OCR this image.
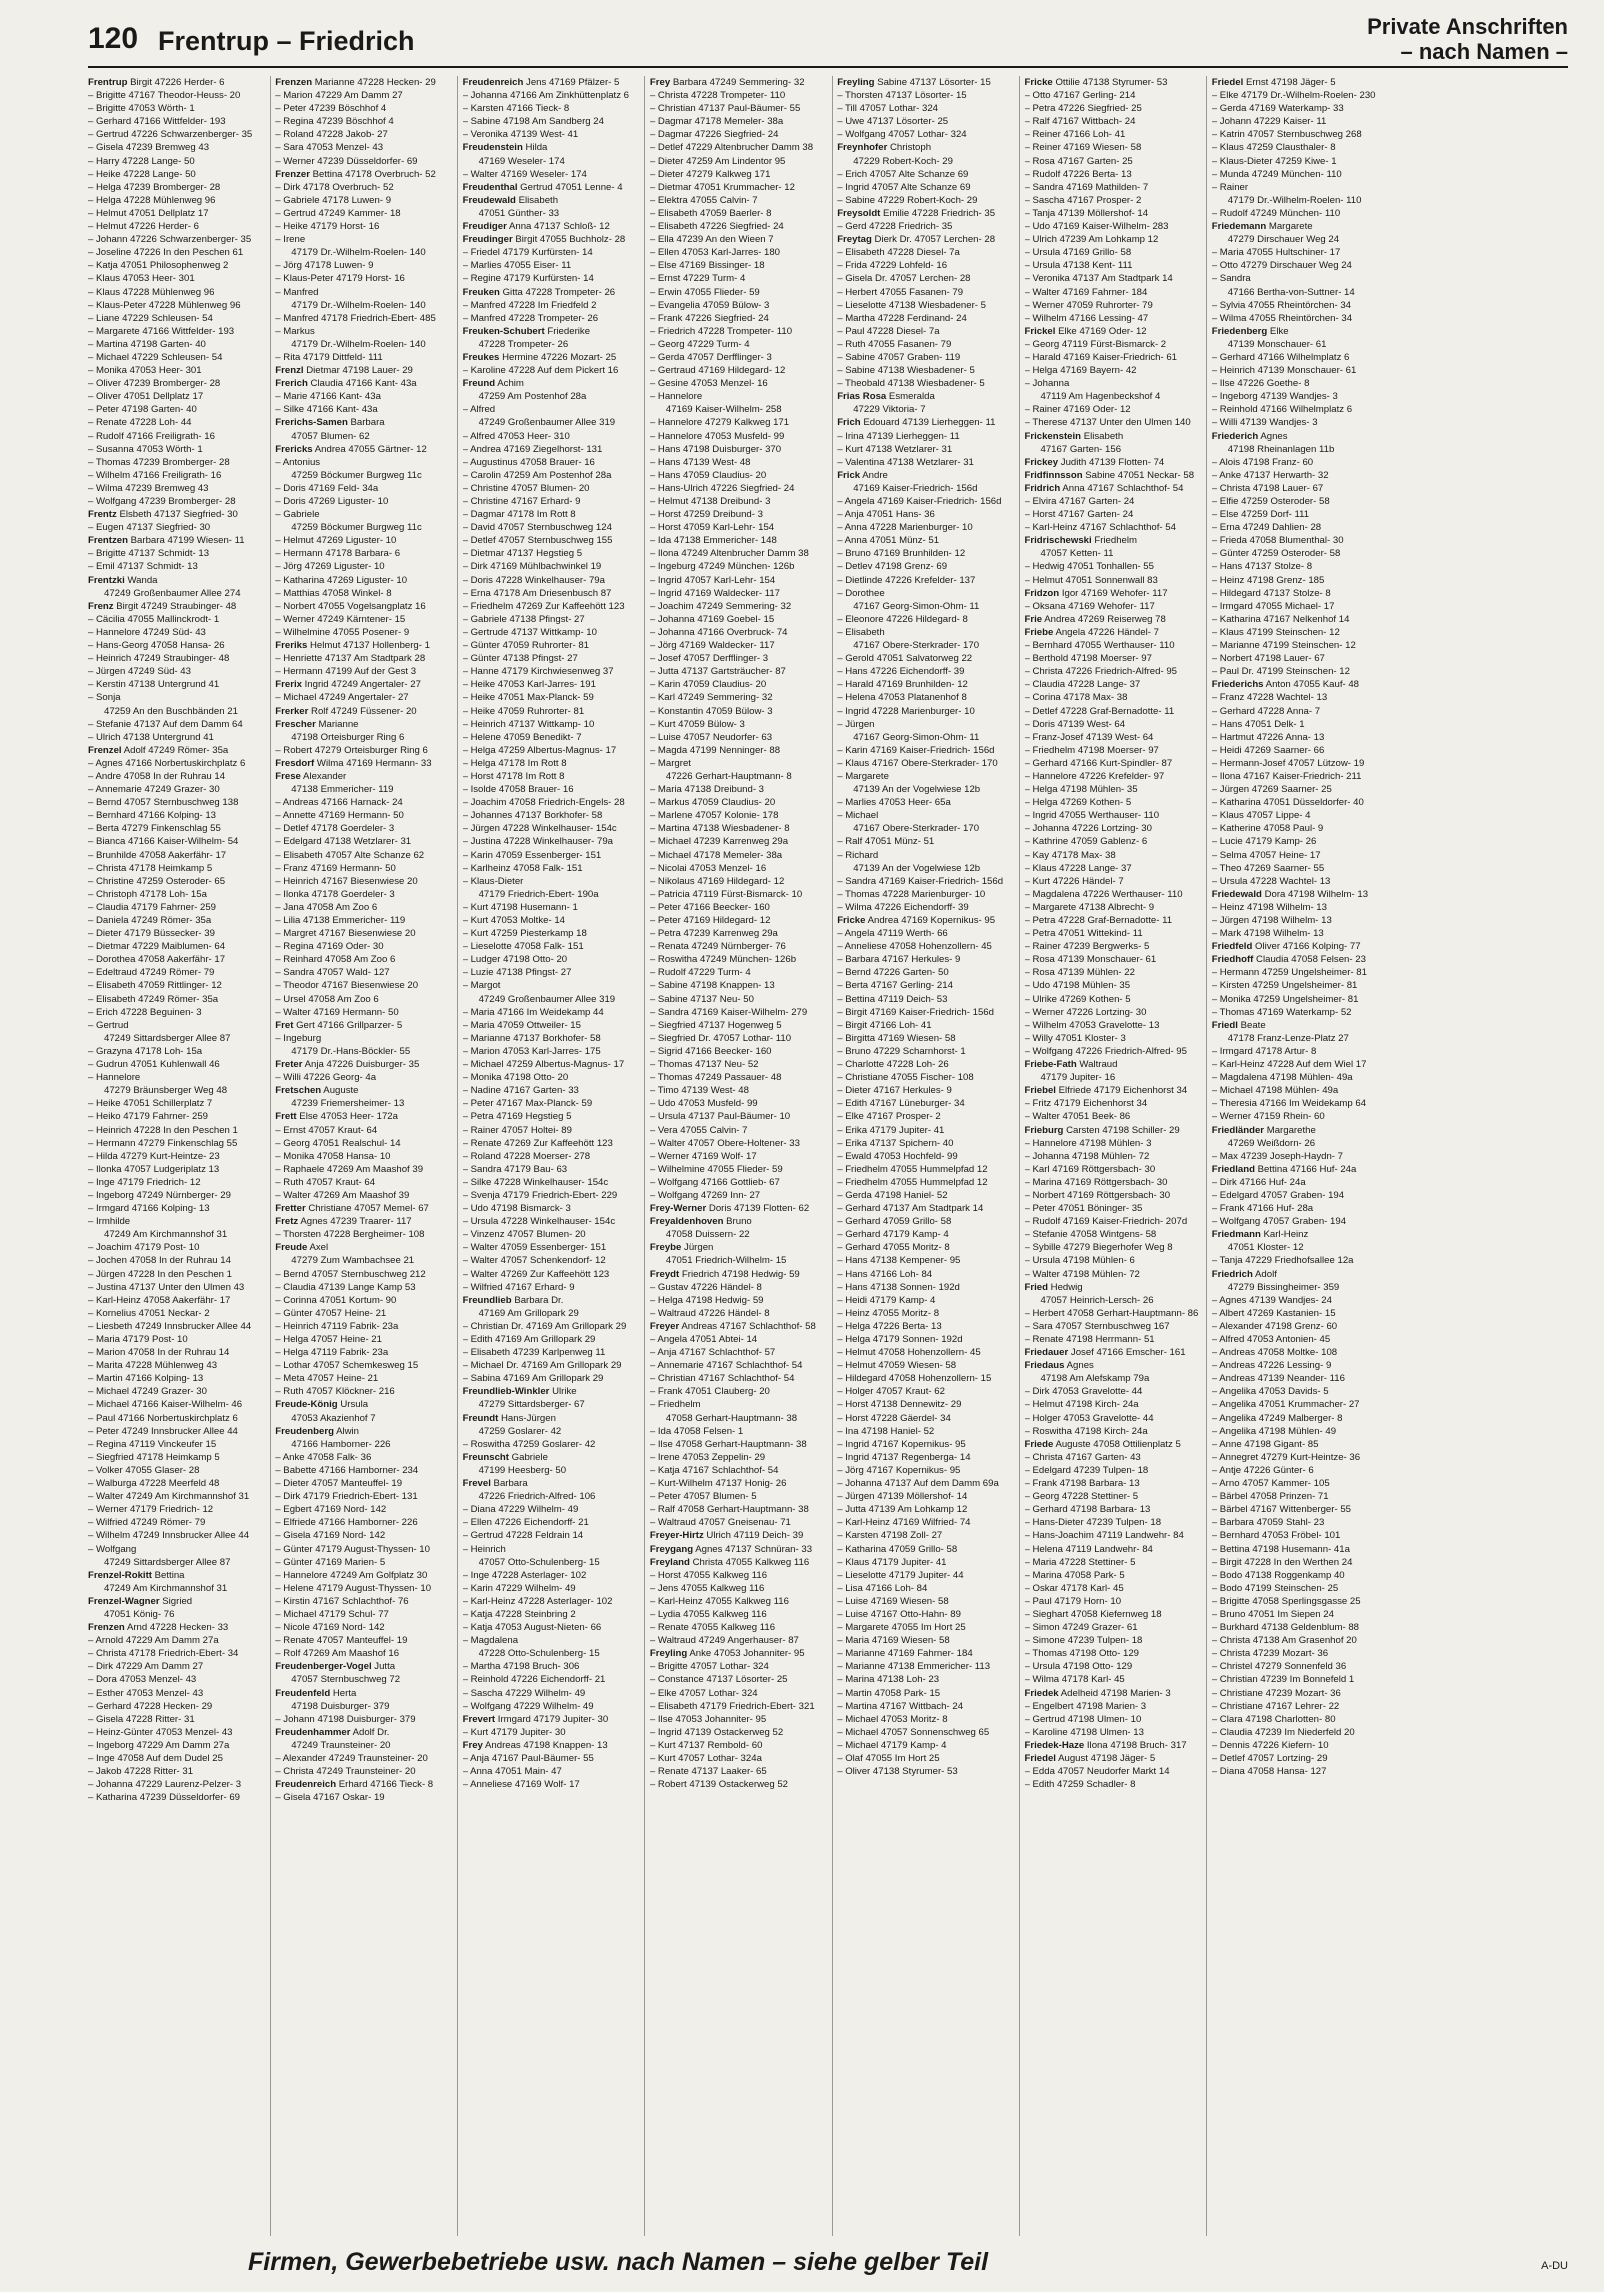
120 Frentrup – Friedrich	Private Anschriften
– nach Namen –
Frentrup Birgit 47226 Herder- 6
– Brigitte 47167 Theodor-Heuss- 20
– Brigitte 47053 Wörth- 1
– Gerhard 47166 Wittfelder- 193
– Gertrud 47226 Schwarzenberger- 35
– Gisela 47239 Bremweg 43
– Harry 47228 Lange- 50
– Heike 47228 Lange- 50
– Helga 47239 Bromberger- 28
– Helga 47228 Mühlenweg 96
– Helmut 47051 Dellplatz 17
– Helmut 47226 Herder- 6
– Johann 47226 Schwarzenberger- 35
– Joseline 47226 In den Peschen 61
– Katja 47051 Philosophenweg 2
– Klaus 47053 Heer- 301
– Klaus 47228 Mühlenweg 96
– Klaus-Peter 47228 Mühlenweg 96
– Liane 47229 Schleusen- 54
– Margarete 47166 Wittfelder- 193
– Martina 47198 Garten- 40
– Michael 47229 Schleusen- 54
– Monika 47053 Heer- 301
– Oliver 47239 Bromberger- 28
– Oliver 47051 Dellplatz 17
– Peter 47198 Garten- 40
– Renate 47228 Loh- 44
– Rudolf 47166 Freiligrath- 16
– Susanna 47053 Wörth- 1
– Thomas 47239 Bromberger- 28
– Wilhelm 47166 Freiligrath- 16
– Wilma 47239 Bremweg 43
– Wolfgang 47239 Bromberger- 28
Frentz Elsbeth 47137 Siegfried- 30
– Eugen 47137 Siegfried- 30
Frentzen Barbara 47199 Wiesen- 11
– Brigitte 47137 Schmidt- 13
– Emil 47137 Schmidt- 13
Frentzki Wanda
47249 Großenbaumer Allee 274
Frenz Birgit 47249 Straubinger- 48
– Cäcilia 47055 Mallinckrodt- 1
– Hannelore 47249 Süd- 43
– Hans-Georg 47058 Hansa- 26
– Heinrich 47249 Straubinger- 48
– Jürgen 47249 Süd- 43
– Kerstin 47138 Untergrund 41
– Sonja
47259 An den Buschbänden 21
– Stefanie 47137 Auf dem Damm 64
– Ulrich 47138 Untergrund 41
Frenzel Adolf 47249 Römer- 35a
– Agnes 47166 Norbertuskirchplatz 6
– Andre 47058 In der Ruhrau 14
– Annemarie 47249 Grazer- 30
– Bernd 47057 Sternbuschweg 138
– Bernhard 47166 Kolping- 13
– Berta 47279 Finkenschlag 55
– Bianca 47166 Kaiser-Wilhelm- 54
– Brunhilde 47058 Aakerfähr- 17
– Christa 47178 Heimkamp 5
– Christine 47259 Osteroder- 65
– Christoph 47178 Loh- 15a
– Claudia 47179 Fahrner- 259
– Daniela 47249 Römer- 35a
– Dieter 47179 Büssecker- 39
– Dietmar 47229 Maiblumen- 64
– Dorothea 47058 Aakerfähr- 17
– Edeltraud 47249 Römer- 79
– Elisabeth 47059 Rittlinger- 12
– Elisabeth 47249 Römer- 35a
– Erich 47228 Beguinen- 3
– Gertrud
47249 Sittardsberger Allee 87
– Grazyna 47178 Loh- 15a
– Gudrun 47051 Kuhlenwall 46
– Hannelore
47279 Bräunsberger Weg 48
– Heike 47051 Schillerplatz 7
– Heiko 47179 Fahrner- 259
– Heinrich 47228 In den Peschen 1
– Hermann 47279 Finkenschlag 55
– Hilda 47279 Kurt-Heintze- 23
– Ilonka 47057 Ludgeriplatz 13
– Inge 47179 Friedrich- 12
– Ingeborg 47249 Nürnberger- 29
– Irmgard 47166 Kolping- 13
– Irmhilde
47249 Am Kirchmannshof 31
– Joachim 47179 Post- 10
– Jochen 47058 In der Ruhrau 14
– Jürgen 47228 In den Peschen 1
– Justina 47137 Unter den Ulmen 43
– Karl-Heinz 47058 Aakerfähr- 17
– Kornelius 47051 Neckar- 2
– Liesbeth 47249 Innsbrucker Allee 44
– Maria 47179 Post- 10
– Marion 47058 In der Ruhrau 14
– Marita 47228 Mühlenweg 43
– Martin 47166 Kolping- 13
– Michael 47249 Grazer- 30
– Michael 47166 Kaiser-Wilhelm- 46
– Paul 47166 Norbertuskirchplatz 6
– Peter 47249 Innsbrucker Allee 44
– Regina 47119 Vinckeufer 15
– Siegfried 47178 Heimkamp 5
– Volker 47055 Glaser- 28
– Walburga 47228 Meerfeld 48
– Walter 47249 Am Kirchmannshof 31
– Werner 47179 Friedrich- 12
– Wilfried 47249 Römer- 79
– Wilhelm 47249 Innsbrucker Allee 44
– Wolfgang
47249 Sittardsberger Allee 87
Frenzel-Rokitt Bettina
47249 Am Kirchmannshof 31
Frenzel-Wagner Sigried
47051 König- 76
Frenzen Arnd 47228 Hecken- 33
– Arnold 47229 Am Damm 27a
– Christa 47178 Friedrich-Ebert- 34
– Dirk 47229 Am Damm 27
– Dora 47053 Menzel- 43
– Esther 47053 Menzel- 43
– Gerhard 47228 Hecken- 29
– Gisela 47228 Ritter- 31
– Heinz-Günter 47053 Menzel- 43
– Ingeborg 47229 Am Damm 27a
– Inge 47058 Auf dem Dudel 25
– Jakob 47228 Ritter- 31
– Johanna 47229 Laurenz-Pelzer- 3
– Katharina 47239 Düsseldorfer- 69
Frenzen Marianne 47228 Hecken- 29
– Marion 47229 Am Damm 27
– Peter 47239 Böschhof 4
– Regina 47239 Böschhof 4
– Roland 47228 Jakob- 27
– Sara 47053 Menzel- 43
– Werner 47239 Düsseldorfer- 69
Frenzer Bettina 47178 Overbruch- 52
– Dirk 47178 Overbruch- 52
– Gabriele 47178 Luwen- 9
– Gertrud 47249 Kammer- 18
– Heike 47179 Horst- 16
– Irene
47179 Dr.-Wilhelm-Roelen- 140
– Jörg 47178 Luwen- 9
– Klaus-Peter 47179 Horst- 16
– Manfred
47179 Dr.-Wilhelm-Roelen- 140
– Manfred 47178 Friedrich-Ebert- 485
– Markus
47179 Dr.-Wilhelm-Roelen- 140
– Rita 47179 Dittfeld- 111
Frenzl Dietmar 47198 Lauer- 29
Frerich Claudia 47166 Kant- 43a
– Marie 47166 Kant- 43a
– Silke 47166 Kant- 43a
Frerichs-Samen Barbara
47057 Blumen- 62
Frericks Andrea 47055 Gärtner- 12
– Antonius
47259 Böckumer Burgweg 11c
– Doris 47169 Feld- 34a
– Doris 47269 Liguster- 10
– Gabriele
47259 Böckumer Burgweg 11c
– Helmut 47269 Liguster- 10
– Hermann 47178 Barbara- 6
– Jörg 47269 Liguster- 10
– Katharina 47269 Liguster- 10
– Matthias 47058 Winkel- 8
– Norbert 47055 Vogelsangplatz 16
– Werner 47249 Kärntener- 15
– Wilhelmine 47055 Posener- 9
Freriks Helmut 47137 Hollenberg- 1
– Henriette 47137 Am Stadtpark 28
– Hermann 47199 Auf der Gest 3
Frerix Ingrid 47249 Angertaler- 27
– Michael 47249 Angertaler- 27
Frerker Rolf 47249 Füssener- 20
Frescher Marianne
47198 Orteisburger Ring 6
– Robert 47279 Orteisburger Ring 6
Fresdorf Wilma 47169 Hermann- 33
Frese Alexander
47138 Emmericher- 119
– Andreas 47166 Harnack- 24
– Annette 47169 Hermann- 50
– Detlef 47178 Goerdeler- 3
– Edelgard 47138 Wetzlarer- 31
– Elisabeth 47057 Alte Schanze 62
– Franz 47169 Hermann- 50
– Heinrich 47167 Biesenwiese 20
– Ilonka 47178 Goerdeler- 3
– Jana 47058 Am Zoo 6
– Lilia 47138 Emmericher- 119
– Margret 47167 Biesenwiese 20
– Regina 47169 Oder- 30
– Reinhard 47058 Am Zoo 6
– Sandra 47057 Wald- 127
– Theodor 47167 Biesenwiese 20
– Ursel 47058 Am Zoo 6
– Walter 47169 Hermann- 50
Fret Gert 47166 Grillparzer- 5
– Ingeburg
47179 Dr.-Hans-Böckler- 55
Freter Anja 47226 Duisburger- 35
– Willi 47226 Georg- 4a
Fretschen Auguste
47239 Friemersheimer- 13
Frett Else 47053 Heer- 172a
– Ernst 47057 Kraut- 64
– Georg 47051 Realschul- 14
– Monika 47058 Hansa- 10
– Raphaele 47269 Am Maashof 39
– Ruth 47057 Kraut- 64
– Walter 47269 Am Maashof 39
Fretter Christiane 47057 Memel- 67
Fretz Agnes 47239 Traarer- 117
– Thorsten 47228 Bergheimer- 108
Freude Axel
47279 Zum Wambachsee 21
– Bernd 47057 Sternbuschweg 212
– Claudia 47139 Lange Kamp 53
– Corinna 47051 Kortum- 90
– Günter 47057 Heine- 21
– Heinrich 47119 Fabrik- 23a
– Helga 47057 Heine- 21
– Helga 47119 Fabrik- 23a
– Lothar 47057 Schemkesweg 15
– Meta 47057 Heine- 21
– Ruth 47057 Klöckner- 216
Freude-König Ursula
47053 Akazienhof 7
Freudenberg Alwin
47166 Hamborner- 226
– Anke 47058 Falk- 36
– Babette 47166 Hamborner- 234
– Dieter 47057 Manteuffel- 19
– Dirk 47179 Friedrich-Ebert- 131
– Egbert 47169 Nord- 142
– Elfriede 47166 Hamborner- 226
– Gisela 47169 Nord- 142
– Günter 47179 August-Thyssen- 10
– Günter 47169 Marien- 5
– Hannelore 47249 Am Golfplatz 30
– Helene 47179 August-Thyssen- 10
– Kirstin 47167 Schlachthof- 76
– Michael 47179 Schul- 77
– Nicole 47169 Nord- 142
– Renate 47057 Manteuffel- 19
– Rolf 47269 Am Maashof 16
Freudenberger-Vogel Jutta
47057 Sternbuschweg 72
Freudenfeld Herta
47198 Duisburger- 379
– Johann 47198 Duisburger- 379
Freudenhammer Adolf Dr.
47249 Traunsteiner- 20
– Alexander 47249 Traunsteiner- 20
– Christa 47249 Traunsteiner- 20
Freudenreich Erhard 47166 Tieck- 8
– Gisela 47167 Oskar- 19
Freudenreich Jens 47169 Pfälzer- 5
– Johanna 47166 Am Zinkhüttenplatz 6
– Karsten 47166 Tieck- 8
– Sabine 47198 Am Sandberg 24
– Veronika 47139 West- 41
Freudenstein Hilda
47169 Weseler- 174
– Walter 47169 Weseler- 174
Freudenthal Gertrud 47051 Lenne- 4
Freudewald Elisabeth
47051 Günther- 33
Freudiger Anna 47137 Schloß- 12
Freudinger Birgit 47055 Buchholz- 28
– Friedel 47179 Kurfürsten- 14
– Marlies 47055 Eiser- 11
– Regine 47179 Kurfürsten- 14
Freuken Gitta 47228 Trompeter- 26
– Manfred 47228 Im Friedfeld 2
– Manfred 47228 Trompeter- 26
Freuken-Schubert Friederike
47228 Trompeter- 26
Freukes Hermine 47226 Mozart- 25
– Karoline 47228 Auf dem Pickert 16
Freund Achim
47259 Am Postenhof 28a
– Alfred
47249 Großenbaumer Allee 319
– Alfred 47053 Heer- 310
– Andrea 47169 Ziegelhorst- 131
– Augustinus 47058 Brauer- 16
– Carolin 47259 Am Postenhof 28a
– Christine 47057 Blumen- 20
– Christine 47167 Erhard- 9
– Dagmar 47178 Im Rott 8
– David 47057 Sternbuschweg 124
– Detlef 47057 Sternbuschweg 155
– Dietmar 47137 Hegstieg 5
– Dirk 47169 Mühlbachwinkel 19
– Doris 47228 Winkelhauser- 79a
– Erna 47178 Am Driesenbusch 87
– Friedhelm 47269 Zur Kaffeehött 123
– Gabriele 47138 Pfingst- 27
– Gertrude 47137 Wittkamp- 10
– Günter 47059 Ruhrorter- 81
– Günter 47138 Pfingst- 27
– Hanne 47179 Kirchwiesenweg 37
– Heike 47053 Karl-Jarres- 191
– Heike 47051 Max-Planck- 59
– Heike 47059 Ruhrorter- 81
– Heinrich 47137 Wittkamp- 10
– Helene 47059 Benedikt- 7
– Helga 47259 Albertus-Magnus- 17
– Helga 47178 Im Rott 8
– Horst 47178 Im Rott 8
– Isolde 47058 Brauer- 16
– Joachim 47058 Friedrich-Engels- 28
– Johannes 47137 Borkhofer- 58
– Jürgen 47228 Winkelhauser- 154c
– Justina 47228 Winkelhauser- 79a
– Karin 47059 Essenberger- 151
– Karlheinz 47058 Falk- 151
– Klaus-Dieter
47179 Friedrich-Ebert- 190a
– Kurt 47198 Husemann- 1
– Kurt 47053 Moltke- 14
– Kurt 47259 Piesterkamp 18
– Lieselotte 47058 Falk- 151
– Ludger 47198 Otto- 20
– Luzie 47138 Pfingst- 27
– Margot
47249 Großenbaumer Allee 319
– Maria 47166 Im Weidekamp 44
– Maria 47059 Ottweiler- 15
– Marianne 47137 Borkhofer- 58
– Marion 47053 Karl-Jarres- 175
– Michael 47259 Albertus-Magnus- 17
– Monika 47198 Otto- 20
– Nadine 47167 Garten- 33
– Peter 47167 Max-Planck- 59
– Petra 47169 Hegstieg 5
– Rainer 47057 Holtei- 89
– Renate 47269 Zur Kaffeehött 123
– Roland 47228 Moerser- 278
– Sandra 47179 Bau- 63
– Silke 47228 Winkelhauser- 154c
– Svenja 47179 Friedrich-Ebert- 229
– Udo 47198 Bismarck- 3
– Ursula 47228 Winkelhauser- 154c
– Vinzenz 47057 Blumen- 20
– Walter 47059 Essenberger- 151
– Walter 47057 Schenkendorf- 12
– Walter 47269 Zur Kaffeehött 123
– Wilfried 47167 Erhard- 9
Freundlieb Barbara Dr.
47169 Am Grillopark 29
– Christian Dr. 47169 Am Grillopark 29
– Edith 47169 Am Grillopark 29
– Elisabeth 47239 Karlpenweg 11
– Michael Dr. 47169 Am Grillopark 29
– Sabina 47169 Am Grillopark 29
Freundlieb-Winkler Ulrike
47279 Sittardsberger- 67
Freundt Hans-Jürgen
47259 Goslarer- 42
– Roswitha 47259 Goslarer- 42
Freunscht Gabriele
47199 Heesberg- 50
Frevel Barbara
47226 Friedrich-Alfred- 106
– Diana 47229 Wilhelm- 49
– Ellen 47226 Eichendorff- 21
– Gertrud 47228 Feldrain 14
– Heinrich
47057 Otto-Schulenberg- 15
– Inge 47228 Asterlager- 102
– Karin 47229 Wilhelm- 49
– Karl-Heinz 47228 Asterlager- 102
– Katja 47228 Steinbring 2
– Katja 47053 August-Nieten- 66
– Magdalena
47228 Otto-Schulenberg- 15
– Martha 47198 Bruch- 306
– Reinhold 47226 Eichendorff- 21
– Sascha 47229 Wilhelm- 49
– Wolfgang 47229 Wilhelm- 49
Frevert Irmgard 47179 Jupiter- 30
– Kurt 47179 Jupiter- 30
Frey Andreas 47198 Knappen- 13
– Anja 47167 Paul-Bäumer- 55
– Anna 47051 Main- 47
– Anneliese 47169 Wolf- 17
Frey Barbara 47249 Semmering- 32
– Christa 47228 Trompeter- 110
– Christian 47137 Paul-Bäumer- 55
– Dagmar 47178 Memeler- 38a
– Dagmar 47226 Siegfried- 24
– Detlef 47229 Altenbrucher Damm 38
– Dieter 47259 Am Lindentor 95
– Dieter 47279 Kalkweg 171
– Dietmar 47051 Krummacher- 12
– Elektra 47055 Calvin- 7
– Elisabeth 47059 Baerler- 8
– Elisabeth 47226 Siegfried- 24
– Ella 47239 An den Wieen 7
– Ellen 47053 Karl-Jarres- 180
– Else 47169 Bissinger- 18
– Ernst 47229 Turm- 4
– Erwin 47055 Flieder- 59
– Evangelia 47059 Bülow- 3
– Frank 47226 Siegfried- 24
– Friedrich 47228 Trompeter- 110
– Georg 47229 Turm- 4
– Gerda 47057 Derfflinger- 3
– Gertraud 47169 Hildegard- 12
– Gesine 47053 Menzel- 16
– Hannelore
47169 Kaiser-Wilhelm- 258
– Hannelore 47279 Kalkweg 171
– Hannelore 47053 Musfeld- 99
– Hans 47198 Duisburger- 370
– Hans 47139 West- 48
– Hans 47059 Claudius- 20
– Hans-Ulrich 47226 Siegfried- 24
– Helmut 47138 Dreibund- 3
– Horst 47259 Dreibund- 3
– Horst 47059 Karl-Lehr- 154
– Ida 47138 Emmericher- 148
– Ilona 47249 Altenbrucher Damm 38
– Ingeburg 47249 München- 126b
– Ingrid 47057 Karl-Lehr- 154
– Ingrid 47169 Waldecker- 117
– Joachim 47249 Semmering- 32
– Johanna 47169 Goebel- 15
– Johanna 47166 Overbruck- 74
– Jörg 47169 Waldecker- 117
– Josef 47057 Derfflinger- 3
– Jutta 47137 Gartsträucher- 87
– Karin 47059 Claudius- 20
– Karl 47249 Semmering- 32
– Konstantin 47059 Bülow- 3
– Kurt 47059 Bülow- 3
– Luise 47057 Neudorfer- 63
– Magda 47199 Nenninger- 88
– Margret
47226 Gerhart-Hauptmann- 8
– Maria 47138 Dreibund- 3
– Markus 47059 Claudius- 20
– Marlene 47057 Kolonie- 178
– Martina 47138 Wiesbadener- 8
– Michael 47239 Karrenweg 29a
– Michael 47178 Memeler- 38a
– Nicolai 47053 Menzel- 16
– Nikolaus 47169 Hildegard- 12
– Patricia 47119 Fürst-Bismarck- 10
– Peter 47166 Beecker- 160
– Peter 47169 Hildegard- 12
– Petra 47239 Karrenweg 29a
– Renata 47249 Nürnberger- 76
– Roswitha 47249 München- 126b
– Rudolf 47229 Turm- 4
– Sabine 47198 Knappen- 13
– Sabine 47137 Neu- 50
– Sandra 47169 Kaiser-Wilhelm- 279
– Siegfried 47137 Hogenweg 5
– Siegfried Dr. 47057 Lothar- 110
– Sigrid 47166 Beecker- 160
– Thomas 47137 Neu- 52
– Thomas 47249 Passauer- 48
– Timo 47139 West- 48
– Udo 47053 Musfeld- 99
– Ursula 47137 Paul-Bäumer- 10
– Vera 47055 Calvin- 7
– Walter 47057 Obere-Holtener- 33
– Werner 47169 Wolf- 17
– Wilhelmine 47055 Flieder- 59
– Wolfgang 47166 Gottlieb- 67
– Wolfgang 47269 Inn- 27
Frey-Werner Doris 47139 Flotten- 62
Freyaldenhoven Bruno
47058 Duissern- 22
Freybe Jürgen
47051 Friedrich-Wilhelm- 15
Freydt Friedrich 47198 Hedwig- 59
– Gustav 47226 Händel- 8
– Helga 47198 Hedwig- 59
– Waltraud 47226 Händel- 8
Freyer Andreas 47167 Schlachthof- 58
– Angela 47051 Abtei- 14
– Anja 47167 Schlachthof- 57
– Annemarie 47167 Schlachthof- 54
– Christian 47167 Schlachthof- 54
– Frank 47051 Clauberg- 20
– Friedhelm
47058 Gerhart-Hauptmann- 38
– Ida 47058 Felsen- 1
– Ilse 47058 Gerhart-Hauptmann- 38
– Irene 47053 Zeppelin- 29
– Katja 47167 Schlachthof- 54
– Kurt-Wilhelm 47137 Honig- 26
– Peter 47057 Blumen- 5
– Ralf 47058 Gerhart-Hauptmann- 38
– Waltraud 47057 Gneisenau- 71
Freyer-Hirtz Ulrich 47119 Deich- 39
Freygang Agnes 47137 Schnüran- 33
Freyland Christa 47055 Kalkweg 116
– Horst 47055 Kalkweg 116
– Jens 47055 Kalkweg 116
– Karl-Heinz 47055 Kalkweg 116
– Lydia 47055 Kalkweg 116
– Renate 47055 Kalkweg 116
– Waltraud 47249 Angerhauser- 87
Freyling Anke 47053 Johanniter- 95
– Brigitte 47057 Lothar- 324
– Constance 47137 Lösorter- 25
– Elke 47057 Lothar- 324
– Elisabeth 47179 Friedrich-Ebert- 321
– Ilse 47053 Johanniter- 95
– Ingrid 47139 Ostackerweg 52
– Kurt 47137 Rembold- 60
– Kurt 47057 Lothar- 324a
– Renate 47137 Laaker- 65
– Robert 47139 Ostackerweg 52
Freyling Sabine 47137 Lösorter- 15
– Thorsten 47137 Lösorter- 15
– Till 47057 Lothar- 324
– Uwe 47137 Lösorter- 25
– Wolfgang 47057 Lothar- 324
Freynhofer Christoph
47229 Robert-Koch- 29
– Erich 47057 Alte Schanze 69
– Ingrid 47057 Alte Schanze 69
– Sabine 47229 Robert-Koch- 29
Freysoldt Emilie 47228 Friedrich- 35
– Gerd 47228 Friedrich- 35
Freytag Dierk Dr. 47057 Lerchen- 28
– Elisabeth 47228 Diesel- 7a
– Frida 47229 Lohfeld- 16
– Gisela Dr. 47057 Lerchen- 28
– Herbert 47055 Fasanen- 79
– Lieselotte 47138 Wiesbadener- 5
– Martha 47228 Ferdinand- 24
– Paul 47228 Diesel- 7a
– Ruth 47055 Fasanen- 79
– Sabine 47057 Graben- 119
– Sabine 47138 Wiesbadener- 5
– Theobald 47138 Wiesbadener- 5
Frias Rosa Esmeralda
47229 Viktoria- 7
Frich Edouard 47139 Lierheggen- 11
– Irina 47139 Lierheggen- 11
– Kurt 47138 Wetzlarer- 31
– Valentina 47138 Wetzlarer- 31
Frick Andre
47169 Kaiser-Friedrich- 156d
– Angela 47169 Kaiser-Friedrich- 156d
– Anja 47051 Hans- 36
– Anna 47228 Marienburger- 10
– Anna 47051 Münz- 51
– Bruno 47169 Brunhilden- 12
– Detlev 47198 Grenz- 69
– Dietlinde 47226 Krefelder- 137
– Dorothee
47167 Georg-Simon-Ohm- 11
– Eleonore 47226 Hildegard- 8
– Elisabeth
47167 Obere-Sterkrader- 170
– Gerold 47051 Salvatorweg 22
– Hans 47226 Eichendorff- 39
– Harald 47169 Brunhilden- 12
– Helena 47053 Platanenhof 8
– Ingrid 47228 Marienburger- 10
– Jürgen
47167 Georg-Simon-Ohm- 11
– Karin 47169 Kaiser-Friedrich- 156d
– Klaus 47167 Obere-Sterkrader- 170
– Margarete
47139 An der Vogelwiese 12b
– Marlies 47053 Heer- 65a
– Michael
47167 Obere-Sterkrader- 170
– Ralf 47051 Münz- 51
– Richard
47139 An der Vogelwiese 12b
– Sandra 47169 Kaiser-Friedrich- 156d
– Thomas 47228 Marienburger- 10
– Wilma 47226 Eichendorff- 39
Fricke Andrea 47169 Kopernikus- 95
– Angela 47119 Werth- 66
– Anneliese 47058 Hohenzollern- 45
– Barbara 47167 Herkules- 9
– Bernd 47226 Garten- 50
– Berta 47167 Gerling- 214
– Bettina 47119 Deich- 53
– Birgit 47169 Kaiser-Friedrich- 156d
– Birgit 47166 Loh- 41
– Birgitta 47169 Wiesen- 58
– Bruno 47229 Scharnhorst- 1
– Charlotte 47228 Loh- 26
– Christiane 47055 Fischer- 108
– Dieter 47167 Herkules- 9
– Edith 47167 Lüneburger- 34
– Elke 47167 Prosper- 2
– Erika 47179 Jupiter- 41
– Erika 47137 Spichern- 40
– Ewald 47053 Hochfeld- 99
– Friedhelm 47055 Hummelpfad 12
– Friedhelm 47055 Hummelpfad 12
– Gerda 47198 Haniel- 52
– Gerhard 47137 Am Stadtpark 14
– Gerhard 47059 Grillo- 58
– Gerhard 47179 Kamp- 4
– Gerhard 47055 Moritz- 8
– Hans 47138 Kempener- 95
– Hans 47166 Loh- 84
– Hans 47138 Sonnen- 192d
– Heidi 47179 Kamp- 4
– Heinz 47055 Moritz- 8
– Helga 47226 Berta- 13
– Helga 47179 Sonnen- 192d
– Helmut 47058 Hohenzollern- 45
– Helmut 47059 Wiesen- 58
– Hildegard 47058 Hohenzollern- 15
– Holger 47057 Kraut- 62
– Horst 47138 Dennewitz- 29
– Horst 47228 Gäerdel- 34
– Ina 47198 Haniel- 52
– Ingrid 47167 Kopernikus- 95
– Ingrid 47137 Regenberga- 14
– Jörg 47167 Kopernikus- 95
– Johanna 47137 Auf dem Damm 69a
– Jürgen 47139 Möllershof- 14
– Jutta 47139 Am Lohkamp 12
– Karl-Heinz 47169 Wilfried- 74
– Karsten 47198 Zoll- 27
– Katharina 47059 Grillo- 58
– Klaus 47179 Jupiter- 41
– Lieselotte 47179 Jupiter- 44
– Lisa 47166 Loh- 84
– Luise 47169 Wiesen- 58
– Luise 47167 Otto-Hahn- 89
– Margarete 47055 Im Hort 25
– Maria 47169 Wiesen- 58
– Marianne 47169 Fahrner- 184
– Marianne 47138 Emmericher- 113
– Marina 47138 Loh- 23
– Martin 47058 Park- 15
– Martina 47167 Wittbach- 24
– Michael 47053 Moritz- 8
– Michael 47057 Sonnenschweg 65
– Michael 47179 Kamp- 4
– Olaf 47055 Im Hort 25
– Oliver 47138 Styrumer- 53
Fricke Ottilie 47138 Styrumer- 53
– Otto 47167 Gerling- 214
– Petra 47226 Siegfried- 25
– Ralf 47167 Wittbach- 24
– Reiner 47166 Loh- 41
– Reiner 47169 Wiesen- 58
– Rosa 47167 Garten- 25
– Rudolf 47226 Berta- 13
– Sandra 47169 Mathilden- 7
– Sascha 47167 Prosper- 2
– Tanja 47139 Möllershof- 14
– Udo 47169 Kaiser-Wilhelm- 283
– Ulrich 47239 Am Lohkamp 12
– Ursula 47169 Grillo- 58
– Ursula 47138 Kent- 111
– Veronika 47137 Am Stadtpark 14
– Walter 47169 Fahrner- 184
– Werner 47059 Ruhrorter- 79
– Wilhelm 47166 Lessing- 47
Frickel Elke 47169 Oder- 12
– Georg 47119 Fürst-Bismarck- 2
– Harald 47169 Kaiser-Friedrich- 61
– Helga 47169 Bayern- 42
– Johanna
47119 Am Hagenbeckshof 4
– Rainer 47169 Oder- 12
– Therese 47137 Unter den Ulmen 140
Frickenstein Elisabeth
47167 Garten- 156
Frickey Judith 47139 Flotten- 74
Fridfinnsson Sabine 47051 Neckar- 58
Fridrich Anna 47167 Schlachthof- 54
– Elvira 47167 Garten- 24
– Horst 47167 Garten- 24
– Karl-Heinz 47167 Schlachthof- 54
Fridrischewski Friedhelm
47057 Ketten- 11
– Hedwig 47051 Tonhallen- 55
– Helmut 47051 Sonnenwall 83
Fridzon Igor 47169 Wehofer- 117
– Oksana 47169 Wehofer- 117
Frie Andrea 47269 Reiserweg 78
Friebe Angela 47226 Händel- 7
– Bernhard 47055 Werthauser- 110
– Berthold 47198 Moerser- 97
– Christa 47226 Friedrich-Alfred- 95
– Claudia 47228 Lange- 37
– Corina 47178 Max- 38
– Detlef 47228 Graf-Bernadotte- 11
– Doris 47139 West- 64
– Franz-Josef 47139 West- 64
– Friedhelm 47198 Moerser- 97
– Gerhard 47166 Kurt-Spindler- 87
– Hannelore 47226 Krefelder- 97
– Helga 47198 Mühlen- 35
– Helga 47269 Kothen- 5
– Ingrid 47055 Werthauser- 110
– Johanna 47226 Lortzing- 30
– Kathrine 47059 Gablenz- 6
– Kay 47178 Max- 38
– Klaus 47228 Lange- 37
– Kurt 47226 Händel- 7
– Magdalena 47226 Werthauser- 110
– Margarete 47138 Albrecht- 9
– Petra 47228 Graf-Bernadotte- 11
– Petra 47051 Wittekind- 11
– Rainer 47239 Bergwerks- 5
– Rosa 47139 Monschauer- 61
– Rosa 47139 Mühlen- 22
– Udo 47198 Mühlen- 35
– Ulrike 47269 Kothen- 5
– Werner 47226 Lortzing- 30
– Wilhelm 47053 Gravelotte- 13
– Willy 47051 Kloster- 3
– Wolfgang 47226 Friedrich-Alfred- 95
Friebe-Fath Waltraud
47179 Jupiter- 16
Friebel Elfriede 47179 Eichenhorst 34
– Fritz 47179 Eichenhorst 34
– Walter 47051 Beek- 86
Frieburg Carsten 47198 Schiller- 29
– Hannelore 47198 Mühlen- 3
– Johanna 47198 Mühlen- 72
– Karl 47169 Röttgersbach- 30
– Marina 47169 Röttgersbach- 30
– Norbert 47169 Röttgersbach- 30
– Peter 47051 Böninger- 35
– Rudolf 47169 Kaiser-Friedrich- 207d
– Stefanie 47058 Wintgens- 58
– Sybille 47279 Biegerhofer Weg 8
– Ursula 47198 Mühlen- 6
– Walter 47198 Mühlen- 72
Fried Hedwig
47057 Heinrich-Lersch- 26
– Herbert 47058 Gerhart-Hauptmann- 86
– Sara 47057 Sternbuschweg 167
– Renate 47198 Herrmann- 51
Friedauer Josef 47166 Emscher- 161
Friedaus Agnes
47198 Am Alefskamp 79a
– Dirk 47053 Gravelotte- 44
– Helmut 47198 Kirch- 24a
– Holger 47053 Gravelotte- 44
– Roswitha 47198 Kirch- 24a
Friede Auguste 47058 Ottilienplatz 5
– Christa 47167 Garten- 43
– Edelgard 47239 Tulpen- 18
– Frank 47198 Barbara- 13
– Georg 47228 Stettiner- 5
– Gerhard 47198 Barbara- 13
– Hans-Dieter 47239 Tulpen- 18
– Hans-Joachim 47119 Landwehr- 84
– Helena 47119 Landwehr- 84
– Maria 47228 Stettiner- 5
– Marina 47058 Park- 5
– Oskar 47178 Karl- 45
– Paul 47179 Horn- 10
– Sieghart 47058 Kiefernweg 18
– Simon 47249 Grazer- 61
– Simone 47239 Tulpen- 18
– Thomas 47198 Otto- 129
– Ursula 47198 Otto- 129
– Wilma 47178 Karl- 45
Friedek Adelheid 47198 Marien- 3
– Engelbert 47198 Marien- 3
– Gertrud 47198 Ulmen- 10
– Karoline 47198 Ulmen- 13
Friedek-Haze Ilona 47198 Bruch- 317
Friedel August 47198 Jäger- 5
– Edda 47057 Neudorfer Markt 14
– Edith 47259 Schadler- 8
Friedel Ernst 47198 Jäger- 5
– Elke 47179 Dr.-Wilhelm-Roelen- 230
– Gerda 47169 Waterkamp- 33
– Johann 47229 Kaiser- 11
– Katrin 47057 Sternbuschweg 268
– Klaus 47259 Clausthaler- 8
– Klaus-Dieter 47259 Kiwe- 1
– Munda 47249 München- 110
– Rainer
47179 Dr.-Wilhelm-Roelen- 110
– Rudolf 47249 München- 110
Friedemann Margarete
47279 Dirschauer Weg 24
– Maria 47055 Hultschiner- 17
– Otto 47279 Dirschauer Weg 24
– Sandra
47166 Bertha-von-Suttner- 14
– Sylvia 47055 Rheintörchen- 34
– Wilma 47055 Rheintörchen- 34
Friedenberg Elke
47139 Monschauer- 61
– Gerhard 47166 Wilhelmplatz 6
– Heinrich 47139 Monschauer- 61
– Ilse 47226 Goethe- 8
– Ingeborg 47139 Wandjes- 3
– Reinhold 47166 Wilhelmplatz 6
– Willi 47139 Wandjes- 3
Friederich Agnes
47198 Rheinanlagen 11b
– Alois 47198 Franz- 60
– Anke 47137 Herwarth- 32
– Christa 47198 Lauer- 67
– Elfie 47259 Osteroder- 58
– Else 47259 Dorf- 111
– Erna 47249 Dahlien- 28
– Frieda 47058 Blumenthal- 30
– Günter 47259 Osteroder- 58
– Hans 47137 Stolze- 8
– Heinz 47198 Grenz- 185
– Hildegard 47137 Stolze- 8
– Irmgard 47055 Michael- 17
– Katharina 47167 Nelkenhof 14
– Klaus 47199 Steinschen- 12
– Marianne 47199 Steinschen- 12
– Norbert 47198 Lauer- 67
– Paul Dr. 47199 Steinschen- 12
Friederichs Anton 47055 Kauf- 48
– Franz 47228 Wachtel- 13
– Gerhard 47228 Anna- 7
– Hans 47051 Delk- 1
– Hartmut 47226 Anna- 13
– Heidi 47269 Saarner- 66
– Hermann-Josef 47057 Lützow- 19
– Ilona 47167 Kaiser-Friedrich- 211
– Jürgen 47269 Saarner- 25
– Katharina 47051 Düsseldorfer- 40
– Klaus 47057 Lippe- 4
– Katherine 47058 Paul- 9
– Lucie 47179 Kamp- 26
– Selma 47057 Heine- 17
– Theo 47269 Saarner- 55
– Ursula 47228 Wachtel- 13
Friedewald Dora 47198 Wilhelm- 13
– Heinz 47198 Wilhelm- 13
– Jürgen 47198 Wilhelm- 13
– Mark 47198 Wilhelm- 13
Friedfeld Oliver 47166 Kolping- 77
Friedhoff Claudia 47058 Felsen- 23
– Hermann 47259 Ungelsheimer- 81
– Kirsten 47259 Ungelsheimer- 81
– Monika 47259 Ungelsheimer- 81
– Thomas 47169 Waterkamp- 52
Friedl Beate
47178 Franz-Lenze-Platz 27
– Irmgard 47178 Artur- 8
– Karl-Heinz 47228 Auf dem Wiel 17
– Magdalena 47198 Mühlen- 49a
– Michael 47198 Mühlen- 49a
– Theresia 47166 Im Weidekamp 64
– Werner 47159 Rhein- 60
Friedländer Margarethe
47269 Weißdorn- 26
– Max 47239 Joseph-Haydn- 7
Friedland Bettina 47166 Huf- 24a
– Dirk 47166 Huf- 24a
– Edelgard 47057 Graben- 194
– Frank 47166 Huf- 28a
– Wolfgang 47057 Graben- 194
Friedmann Karl-Heinz
47051 Kloster- 12
– Tanja 47229 Friedhofsallee 12a
Friedrich Adolf
47279 Bissingheimer- 359
– Agnes 47139 Wandjes- 24
– Albert 47269 Kastanien- 15
– Alexander 47198 Grenz- 60
– Alfred 47053 Antonien- 45
– Andreas 47058 Moltke- 108
– Andreas 47226 Lessing- 9
– Andreas 47139 Neander- 116
– Angelika 47053 Davids- 5
– Angelika 47051 Krummacher- 27
– Angelika 47249 Malberger- 8
– Angelika 47198 Mühlen- 49
– Anne 47198 Gigant- 85
– Annegret 47279 Kurt-Heintze- 36
– Antje 47226 Günter- 6
– Arno 47057 Kammer- 105
– Bärbel 47058 Prinzen- 71
– Bärbel 47167 Wittenberger- 55
– Barbara 47059 Stahl- 23
– Bernhard 47053 Fröbel- 101
– Bettina 47198 Husemann- 41a
– Birgit 47228 In den Werthen 24
– Bodo 47138 Roggenkamp 40
– Bodo 47199 Steinschen- 25
– Brigitte 47058 Sperlingsgasse 25
– Bruno 47051 Im Siepen 24
– Burkhard 47138 Geldenblum- 88
– Christa 47138 Am Grasenhof 20
– Christa 47239 Mozart- 36
– Christel 47279 Sonnenfeld 36
– Christian 47239 Im Bonnefeld 1
– Christiane 47239 Mozart- 36
– Christiane 47167 Lehrer- 22
– Clara 47198 Charlotten- 80
– Claudia 47239 Im Niederfeld 20
– Dennis 47226 Kiefern- 10
– Detlef 47057 Lortzing- 29
– Diana 47058 Hansa- 127
Firmen, Gewerbebetriebe usw. nach Namen – siehe gelber Teil	A-DU
